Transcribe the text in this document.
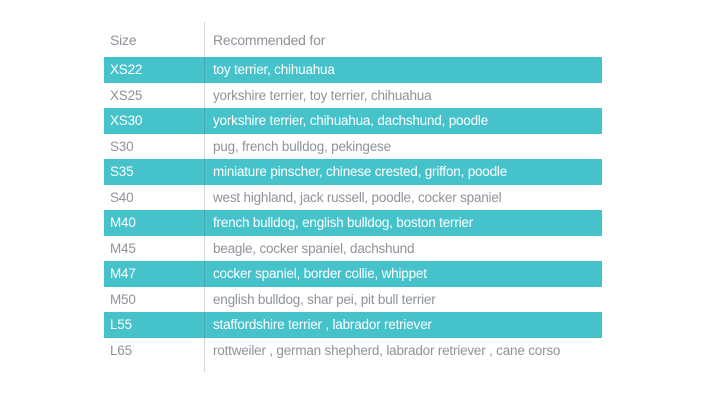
Size	Recommended for
XS22	toy terrier, chihuahua
XS25	yorkshire terrier, toy terrier, chihuahua
XS30	yorkshire terrier, chihuahua, dachshund, poodle
S30	pug, french bulldog, pekingese
S35	miniature pinscher, chinese crested, griffon, poodle
S40	west highland, jack russell, poodle, cocker spaniel
M40	french bulldog, english bulldog, boston terrier
M45	beagle, cocker spaniel, dachshund
M47	cocker spaniel, border collie, whippet
M50	english bulldog, shar pei, pit bull terrier
L55	staffordshire terrier , labrador retriever
L65	rottweiler , german shepherd, labrador retriever , cane corso
